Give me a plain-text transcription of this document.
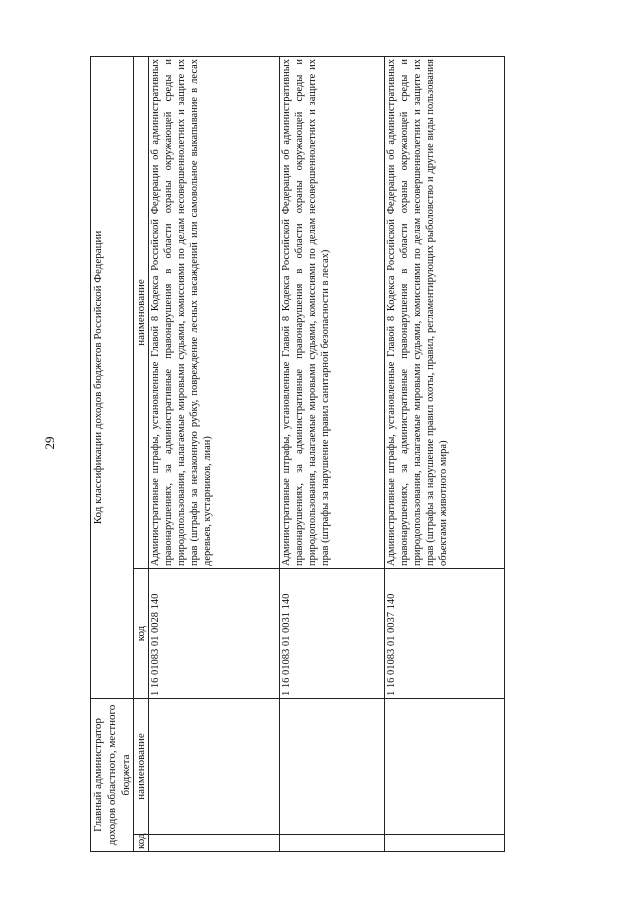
29
Главный администратор доходов областного, местного бюджета		Код классификации доходов бюджетов Российской Федерации	
код	наименование	код	наименование
		1 16 01083 01 0028 140	Административные штрафы, установленные Главой 8 Кодекса Российской Федерации об административных правонарушениях, за административные правонарушения в области охраны окружающей среды и природопользования, налагаемые мировыми судьями, комиссиями по делам несовершеннолетних и защите их прав (штрафы за незаконную рубку, повреждение лесных насаждений или самовольное выкапывание в лесах деревьев, кустарников, лиан)
		1 16 01083 01 0031 140	Административные штрафы, установленные Главой 8 Кодекса Российской Федерации об административных правонарушениях, за административные правонарушения в области охраны окружающей среды и природопользования, налагаемые мировыми судьями, комиссиями по делам несовершеннолетних и защите их прав (штрафы за нарушение правил санитарной безопасности в лесах)
		1 16 01083 01 0037 140	Административные штрафы, установленные Главой 8 Кодекса Российской Федерации об административных правонарушениях, за административные правонарушения в области охраны окружающей среды и природопользования, налагаемые мировыми судьями, комиссиями по делам несовершеннолетних и защите их прав (штрафы за нарушение правил охоты, правил, регламентирующих рыболовство и другие виды пользования объектами животного мира)
